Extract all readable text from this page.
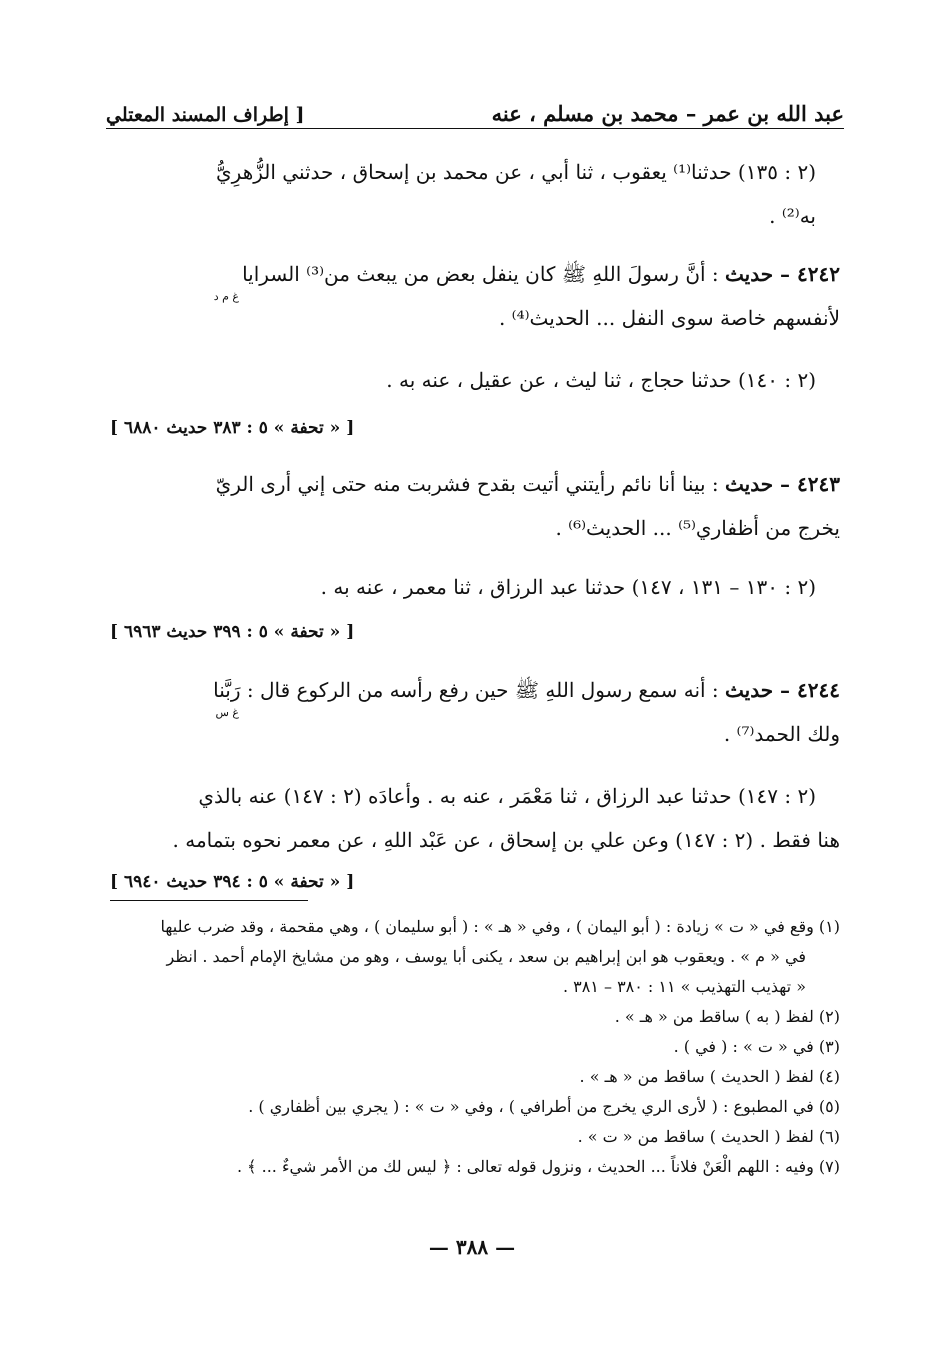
عبد الله بن عمر – محمد بن مسلم ، عنه
[ إطراف المسند المعتلي
(٢ : ١٣٥) حدثنا⁽¹⁾ يعقوب ، ثنا أبي ، عن محمد بن إسحاق ، حدثني الزُّهرِيُّ
به⁽²⁾ .
٤٢٤٢ – حديث : أنَّ رسولَ اللهِ ﷺ كان ينفل بعض من يبعث من⁽³⁾ السرايا
لأنفسهم خاصة سوى النفل ... الحديث⁽⁴⁾ .
غ م د
(٢ : ١٤٠) حدثنا حجاج ، ثنا ليث ، عن عقيل ، عنه به .
[ « تحفة » ٥ : ٣٨٣ حديث ٦٨٨٠ ]
٤٢٤٣ – حديث : بينا أنا نائم رأيتني أتيت بقدح فشربت منه حتى إني أرى الريّ
يخرج من أظفاري⁽⁵⁾ ... الحديث⁽⁶⁾ .
(٢ : ١٣٠ – ١٣١ ، ١٤٧) حدثنا عبد الرزاق ، ثنا معمر ، عنه به .
[ « تحفة » ٥ : ٣٩٩ حديث ٦٩٦٣ ]
٤٢٤٤ – حديث : أنه سمع رسول اللهِ ﷺ حين رفع رأسه من الركوع قال : رَبَّنا
ولك الحمد⁽⁷⁾ .
غ س
(٢ : ١٤٧) حدثنا عبد الرزاق ، ثنا مَعْمَر ، عنه به . وأعادَه (٢ : ١٤٧) عنه بالذي
هنا فقط . (٢ : ١٤٧) وعن علي بن إسحاق ، عن عَبْد اللهِ ، عن معمر نحوه بتمامه .
[ « تحفة » ٥ : ٣٩٤ حديث ٦٩٤٠ ]
(١) وقع في « ت » زيادة : ( أبو اليمان ) ، وفي « هـ » : ( أبو سليمان ) ، وهي مقحمة ، وقد ضرب عليها
في « م » . ويعقوب هو ابن إبراهيم بن سعد ، يكنى أبا يوسف ، وهو من مشايخ الإمام أحمد . انظر
« تهذيب التهذيب » ١١ : ٣٨٠ – ٣٨١ .
(٢) لفظ ( به ) ساقط من « هـ » .
(٣) في « ت » : ( في ) .
(٤) لفظ ( الحديث ) ساقط من « هـ » .
(٥) في المطبوع : ( لأرى الري يخرج من أطرافي ) ، وفي « ت » : ( يجري بين أظفاري ) .
(٦) لفظ ( الحديث ) ساقط من « ت » .
(٧) وفيه : اللهم الْعَنْ فلاناً ... الحديث ، ونزول قوله تعالى : ﴿ ليس لك من الأمر شيءٌ ... ﴾ .
— ٣٨٨ —
